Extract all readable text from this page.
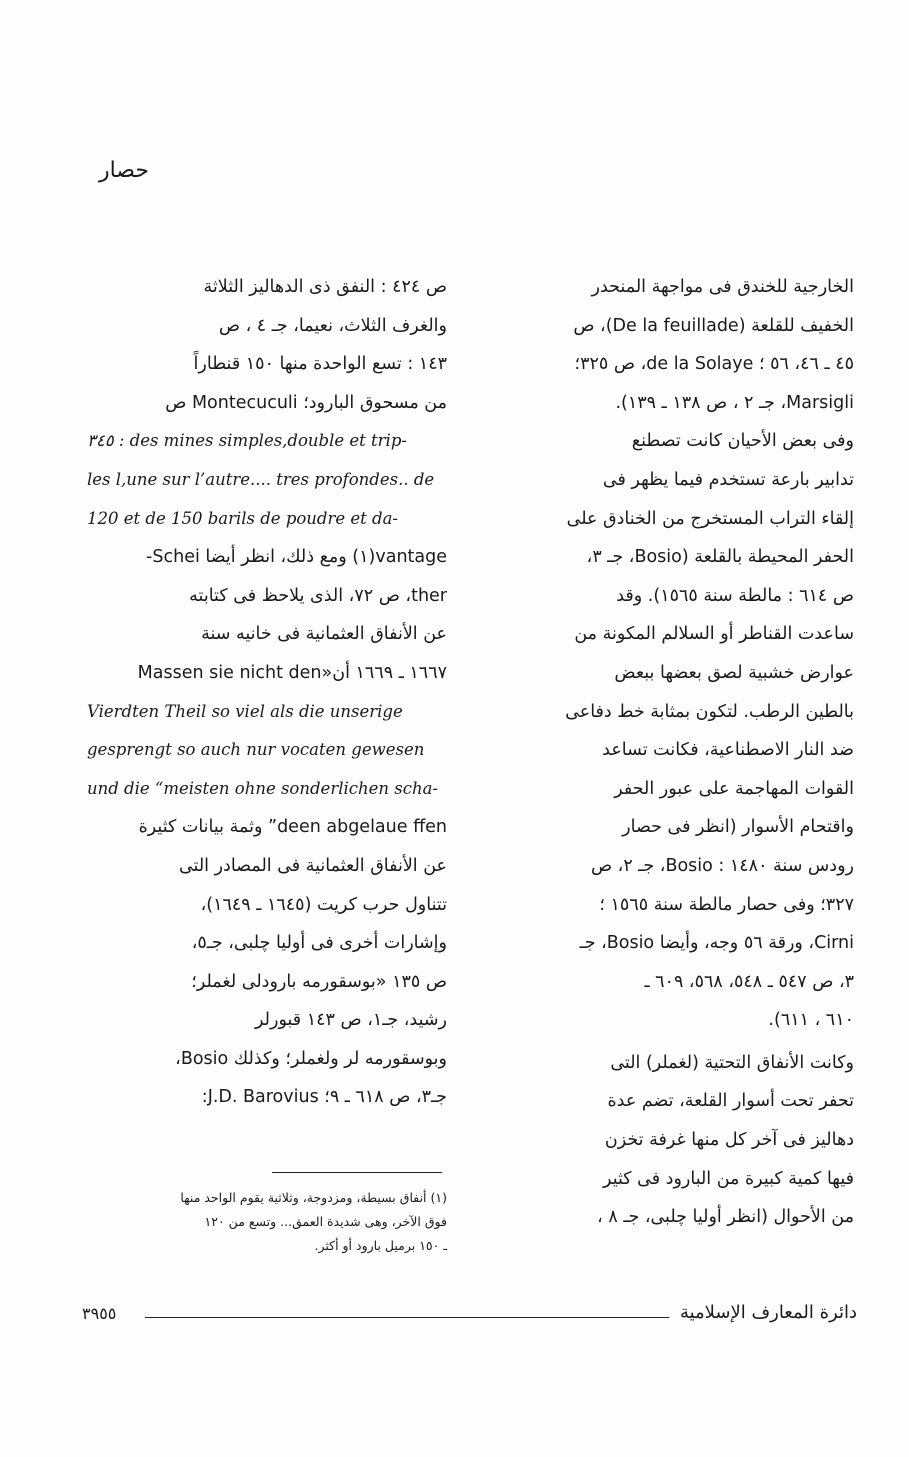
حصار

الخارجية للخندق فى مواجهة المنحدر
الخفيف للقلعة (De la feuillade)، ص
٤٥ ـ ٤٦، ٥٦ ؛ de la Solaye، ص ٣٢٥؛
Marsigli، جـ ٢ ، ص ١٣٨ ـ ١٣٩).
وفى بعض الأحيان كانت تصطنع
تدابير بارعة تستخدم فيما يظهر فى
إلقاء التراب المستخرج من الخنادق على
الحفر المحيطة بالقلعة (Bosio، جـ ٣،
ص ٦١٤ : مالطة سنة ١٥٦٥). وقد
ساعدت القناطر أو السلالم المكونة من
عوارض خشبية لصق بعضها ببعض
بالطين الرطب. لتكون بمثابة خط دفاعى
ضد النار الاصطناعية، فكانت تساعد
القوات المهاجمة على عبور الحفر
واقتحام الأسوار (انظر فى حصار
رودس سنة ١٤٨٠ : Bosio، جـ ٢، ص
٣٢٧؛ وفى حصار مالطة سنة ١٥٦٥ ؛
Cirni، ورقة ٥٦ وجه، وأيضا Bosio، جـ
٣، ص ٥٤٧ ـ ٥٤٨، ٥٦٨، ٦٠٩ ـ
٦١٠ ، ٦١١).

وكانت الأنفاق التحتية (لغملر) التى
تحفر تحت أسوار القلعة، تضم عدة
دهاليز فى آخر كل منها غرفة تخزن
فيها كمية كبيرة من البارود فى كثير
من الأحوال (انظر أوليا چلبى، جـ ٨ ،

ص ٤٢٤ : النفق ذى الدهاليز الثلاثة
والغرف الثلاث، نعيما، جـ ٤ ، ص
١٤٣ : تسع الواحدة منها ١٥٠ قنطاراً
من مسحوق البارود؛ Montecuculi ص
٣٤٥ : des mines simples,double et trip-
les l,une sur l’autre.... tres profondes.. de
120 et de 150 barils de poudre et da-
vantage(١) ومع ذلك، انظر أيضا Schei-
ther، ص ٧٢، الذى يلاحظ فى كتابته
عن الأنفاق العثمانية فى خانيه سنة
١٦٦٧ ـ ١٦٦٩ أن«Massen sie nicht den
Vierdten Theil so viel als die unserige
gesprengt so auch nur vocaten gewesen
und die “meisten ohne sonderlichen scha-
deen abgelaue ffen” وثمة بيانات كثيرة
عن الأنفاق العثمانية فى المصادر التى
تتناول حرب كريت (١٦٤٥ ـ ١٦٤٩)،
وإشارات أخرى فى أوليا چلبى، جـ٥،
ص ١٣٥ «بوسقورمه بارودلى لغملر؛
رشيد، جـ١، ص ١٤٣ قبورلر
وبوسقورمه لر ولغملر؛ وكذلك Bosio،
جـ٣، ص ٦١٨ ـ ٩؛ J.D. Barovius:

(١) أنفاق بسيطة، ومزدوجة، وثلاثية يقوم الواحد منها
فوق الآخر، وهى شديدة العمق... وتسع من ١٢٠
ـ ١٥٠ برميل بارود أو أكثر.
دائرة المعارف الإسلامية
٣٩٥٥
